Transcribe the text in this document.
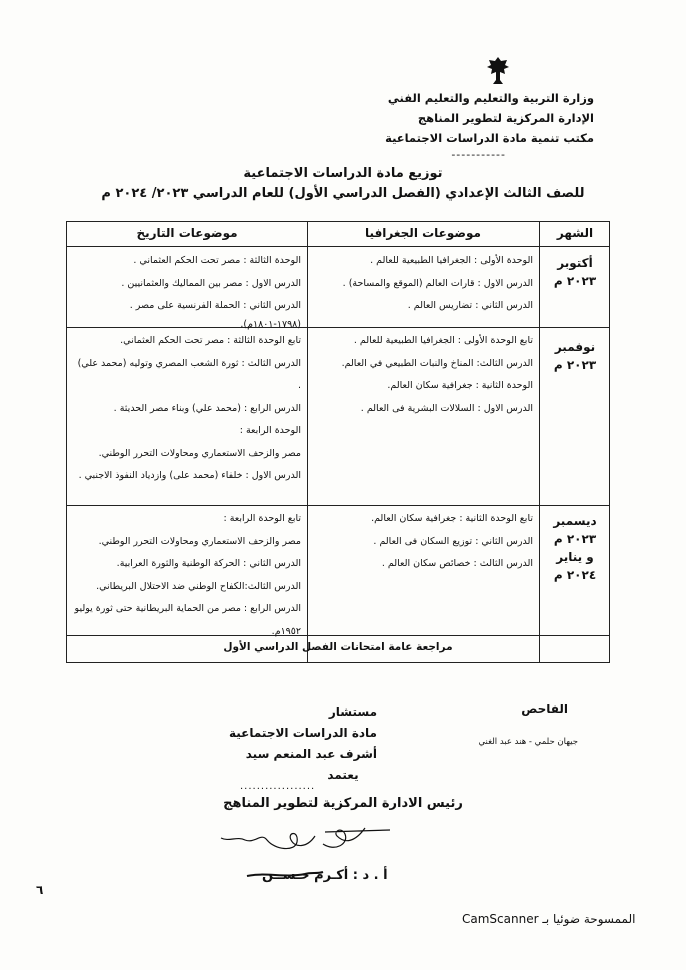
وزارة التربية والتعليم والتعليم الفني
الإدارة المركزية لتطوير المناهج
مكتب تنمية مادة الدراسات الاجتماعية
-----------
توزيع مادة الدراسات الاجتماعية
للصف الثالث الإعدادي (الفصل الدراسي الأول) للعام الدراسي ٢٠٢٣/ ٢٠٢٤ م
الشهر
موضوعات الجغرافيا
موضوعات التاريخ
أكتوبر
٢٠٢٣ م
الوحدة الأولى : الجغرافيا الطبيعية للعالم .
الدرس الاول : قارات العالم (الموقع والمساحة) .
الدرس الثاني : تضاريس العالم .
الوحدة الثالثة : مصر تحت الحكم العثماني .
الدرس الاول : مصر بين المماليك والعثمانيين .
الدرس الثاني : الحملة الفرنسية على مصر .
(١٧٩٨-١٨٠١م).
نوفمبر
٢٠٢٣ م
تابع الوحدة الأولى : الجغرافيا الطبيعية للعالم .
الدرس الثالث: المناخ والنبات الطبيعي في العالم.
الوحدة الثانية : جغرافية سكان العالم.
الدرس الاول : السلالات البشرية فى العالم .
تابع الوحدة الثالثة : مصر تحت الحكم العثماني.
الدرس الثالث : ثورة الشعب المصري وتوليه (محمد علي) .
الدرس الرابع : (محمد علي) وبناء مصر الحديثة .
الوحدة الرابعة :
مصر والزحف الاستعماري ومحاولات التحرر الوطني.
الدرس الاول : خلفاء (محمد على) وازدياد النفوذ الاجنبي .
ديسمبر
٢٠٢٣ م
و يناير
٢٠٢٤ م
تابع الوحدة الثانية : جغرافية سكان العالم.
الدرس الثاني : توزيع السكان فى العالم .
الدرس الثالث : خصائص سكان العالم .
تابع الوحدة الرابعة :
مصر والزحف الاستعماري ومحاولات التحرر الوطني.
الدرس الثاني : الحركة الوطنية والثورة العرابية.
الدرس الثالث:الكفاح الوطني ضد الاحتلال البريطاني.
الدرس الرابع : مصر من الحماية البريطانية حتى ثورة يوليو ١٩٥٢م.
مراجعة عامة امتحانات الفصل الدراسي الأول
الفاحص
جيهان حلمي - هند عبد الغني
مستشار
مادة الدراسات الاجتماعية
أشرف عبد المنعم سيد
يعتمد
..................
رئيس الادارة المركزية لتطوير المناهج
أ . د : أكـرم حـســن
٦
الممسوحة ضوئيا بـ CamScanner
